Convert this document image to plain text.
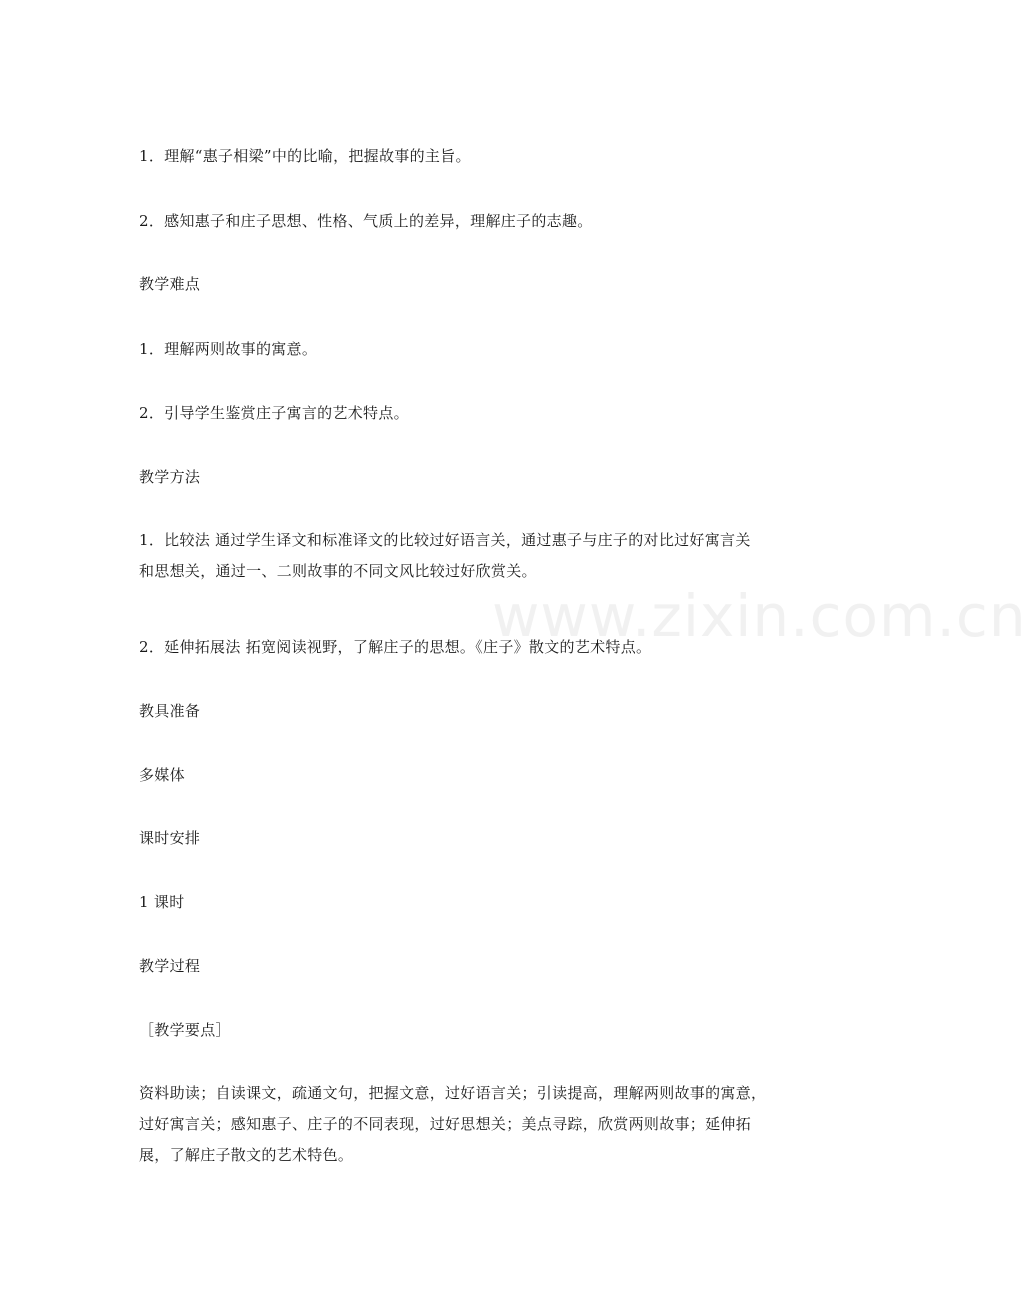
www.zixin.com.cn
1．理解“惠子相梁”中的比喻，把握故事的主旨。
2．感知惠子和庄子思想、性格、气质上的差异，理解庄子的志趣。
教学难点
1．理解两则故事的寓意。
2．引导学生鉴赏庄子寓言的艺术特点。
教学方法
1．比较法 通过学生译文和标准译文的比较过好语言关，通过惠子与庄子的对比过好寓言关
和思想关，通过一、二则故事的不同文风比较过好欣赏关。
2．延伸拓展法 拓宽阅读视野，了解庄子的思想。《庄子》散文的艺术特点。
教具准备
多媒体
课时安排
1 课时
教学过程
［教学要点］
资料助读；自读课文，疏通文句，把握文意，过好语言关；引读提高，理解两则故事的寓意，
过好寓言关；感知惠子、庄子的不同表现，过好思想关；美点寻踪，欣赏两则故事；延伸拓
展，了解庄子散文的艺术特色。
